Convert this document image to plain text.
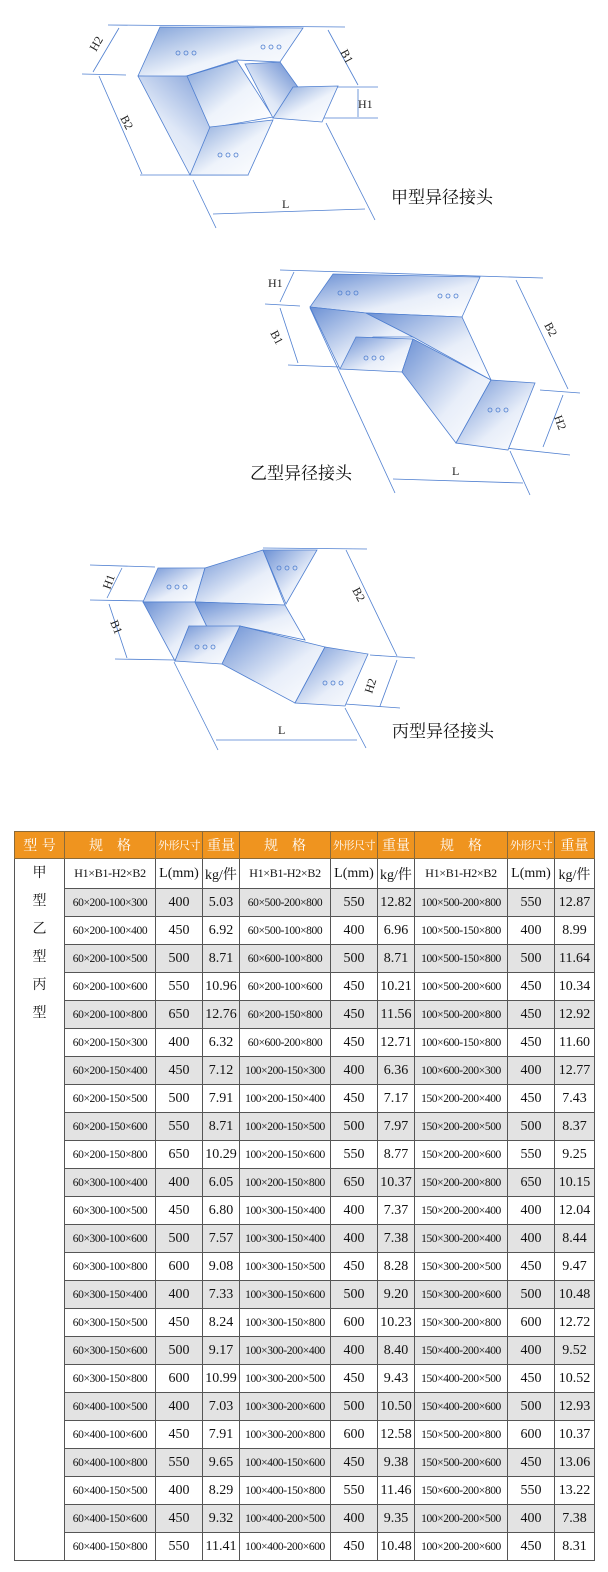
H2
B2
B1
H1
L	甲型异径接头
H1
B1	B2
H2
L
乙型异径接头
H1
B1
B2
H2
L	丙型异径接头
型 号	规　格	外形尺寸	重量	规　格	外形尺寸	重量	规　格	外形尺寸	重量

甲
型
乙
型
丙
型
	H1×B1-H2×B2	L(mm)	kg/件	H1×B1-H2×B2	L(mm)	kg/件	H1×B1-H2×B2	L(mm)	kg/件
	60×200-100×300	400	5.03	60×500-200×800	550	12.82	100×500-200×800	550	12.87
	60×200-100×400	450	6.92	60×500-100×800	400	6.96	100×500-150×800	400	8.99
	60×200-100×500	500	8.71	60×600-100×800	500	8.71	100×500-150×800	500	11.64
	60×200-100×600	550	10.96	60×200-100×600	450	10.21	100×500-200×600	450	10.34
	60×200-100×800	650	12.76	60×200-150×800	450	11.56	100×500-200×800	450	12.92
	60×200-150×300	400	6.32	60×600-200×800	450	12.71	100×600-150×800	450	11.60
	60×200-150×400	450	7.12	100×200-150×300	400	6.36	100×600-200×300	400	12.77
	60×200-150×500	500	7.91	100×200-150×400	450	7.17	150×200-200×400	450	7.43
	60×200-150×600	550	8.71	100×200-150×500	500	7.97	150×200-200×500	500	8.37
	60×200-150×800	650	10.29	100×200-150×600	550	8.77	150×200-200×600	550	9.25
	60×300-100×400	400	6.05	100×200-150×800	650	10.37	150×200-200×800	650	10.15
	60×300-100×500	450	6.80	100×300-150×400	400	7.37	150×200-200×400	400	12.04
	60×300-100×600	500	7.57	100×300-150×400	400	7.38	150×300-200×400	400	8.44
	60×300-100×800	600	9.08	100×300-150×500	450	8.28	150×300-200×500	450	9.47
	60×300-150×400	400	7.33	100×300-150×600	500	9.20	150×300-200×600	500	10.48
	60×300-150×500	450	8.24	100×300-150×800	600	10.23	150×300-200×800	600	12.72
	60×300-150×600	500	9.17	100×300-200×400	400	8.40	150×400-200×400	400	9.52
	60×300-150×800	600	10.99	100×300-200×500	450	9.43	150×400-200×500	450	10.52
	60×400-100×500	400	7.03	100×300-200×600	500	10.50	150×400-200×600	500	12.93
	60×400-100×600	450	7.91	100×300-200×800	600	12.58	150×500-200×800	600	10.37
	60×400-100×800	550	9.65	100×400-150×600	450	9.38	150×500-200×600	450	13.06
	60×400-150×500	400	8.29	100×400-150×800	550	11.46	150×600-200×800	550	13.22
	60×400-150×600	450	9.32	100×400-200×500	400	9.35	100×200-200×500	400	7.38
	60×400-150×800	550	11.41	100×400-200×600	450	10.48	100×200-200×600	450	8.31
